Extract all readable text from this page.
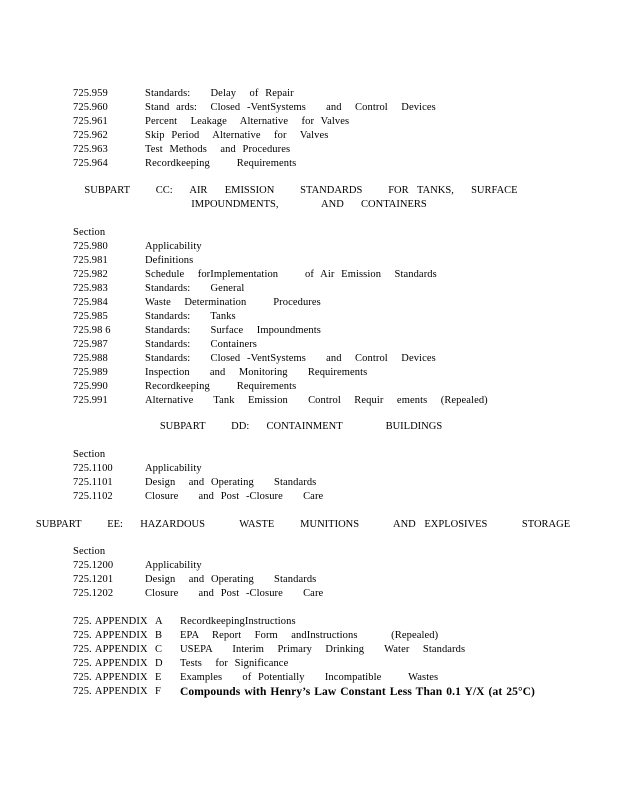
725.959	Standards:   Delay  of Repair
725.960	Stand ards:  Closed -VentSystems   and  Control  Devices
725.961	Percent  Leakage  Alternative  for Valves
725.962	Skip Period  Alternative  for  Valves
725.963	Test Methods  and Procedures
725.964	Recordkeeping    Requirements
SUBPART   CC:  AIR  EMISSION   STANDARDS   FOR TANKS,  SURFACE
IMPOUNDMENTS,     AND  CONTAINERS
Section
725.980	Applicability
725.981	Definitions
725.982	Schedule  forImplementation    of Air Emission  Standards
725.983	Standards:   General
725.984	Waste  Determination    Procedures
725.985	Standards:   Tanks
725.98 6	Standards:   Surface  Impoundments
725.987	Standards:   Containers
725.988	Standards:   Closed -VentSystems   and  Control  Devices
725.989	Inspection   and  Monitoring   Requirements
725.990	Recordkeeping    Requirements
725.991	Alternative   Tank  Emission   Control  Requir  ements  (Repealed)
SUBPART   DD:  CONTAINMENT     BUILDINGS
Section
725.1100	Applicability
725.1101	Design  and Operating   Standards
725.1102	Closure   and Post -Closure   Care
SUBPART   EE:  HAZARDOUS    WASTE   MUNITIONS    AND EXPLOSIVES    STORAGE
Section
725.1200	Applicability
725.1201	Design  and Operating   Standards
725.1202	Closure   and Post -Closure   Care
725. APPENDIX A RecordkeepingInstructions
725. APPENDIX B EPA  Report  Form  andInstructions     (Repealed)
725. APPENDIX C USEPA   Interim  Primary  Drinking   Water  Standards
725. APPENDIX D Tests  for Significance
725. APPENDIX E Examples   of Potentially   Incompatible    Wastes
725. APPENDIX F Compounds with Henry’s Law Constant Less Than 0.1 Y/X (at 25°C)
